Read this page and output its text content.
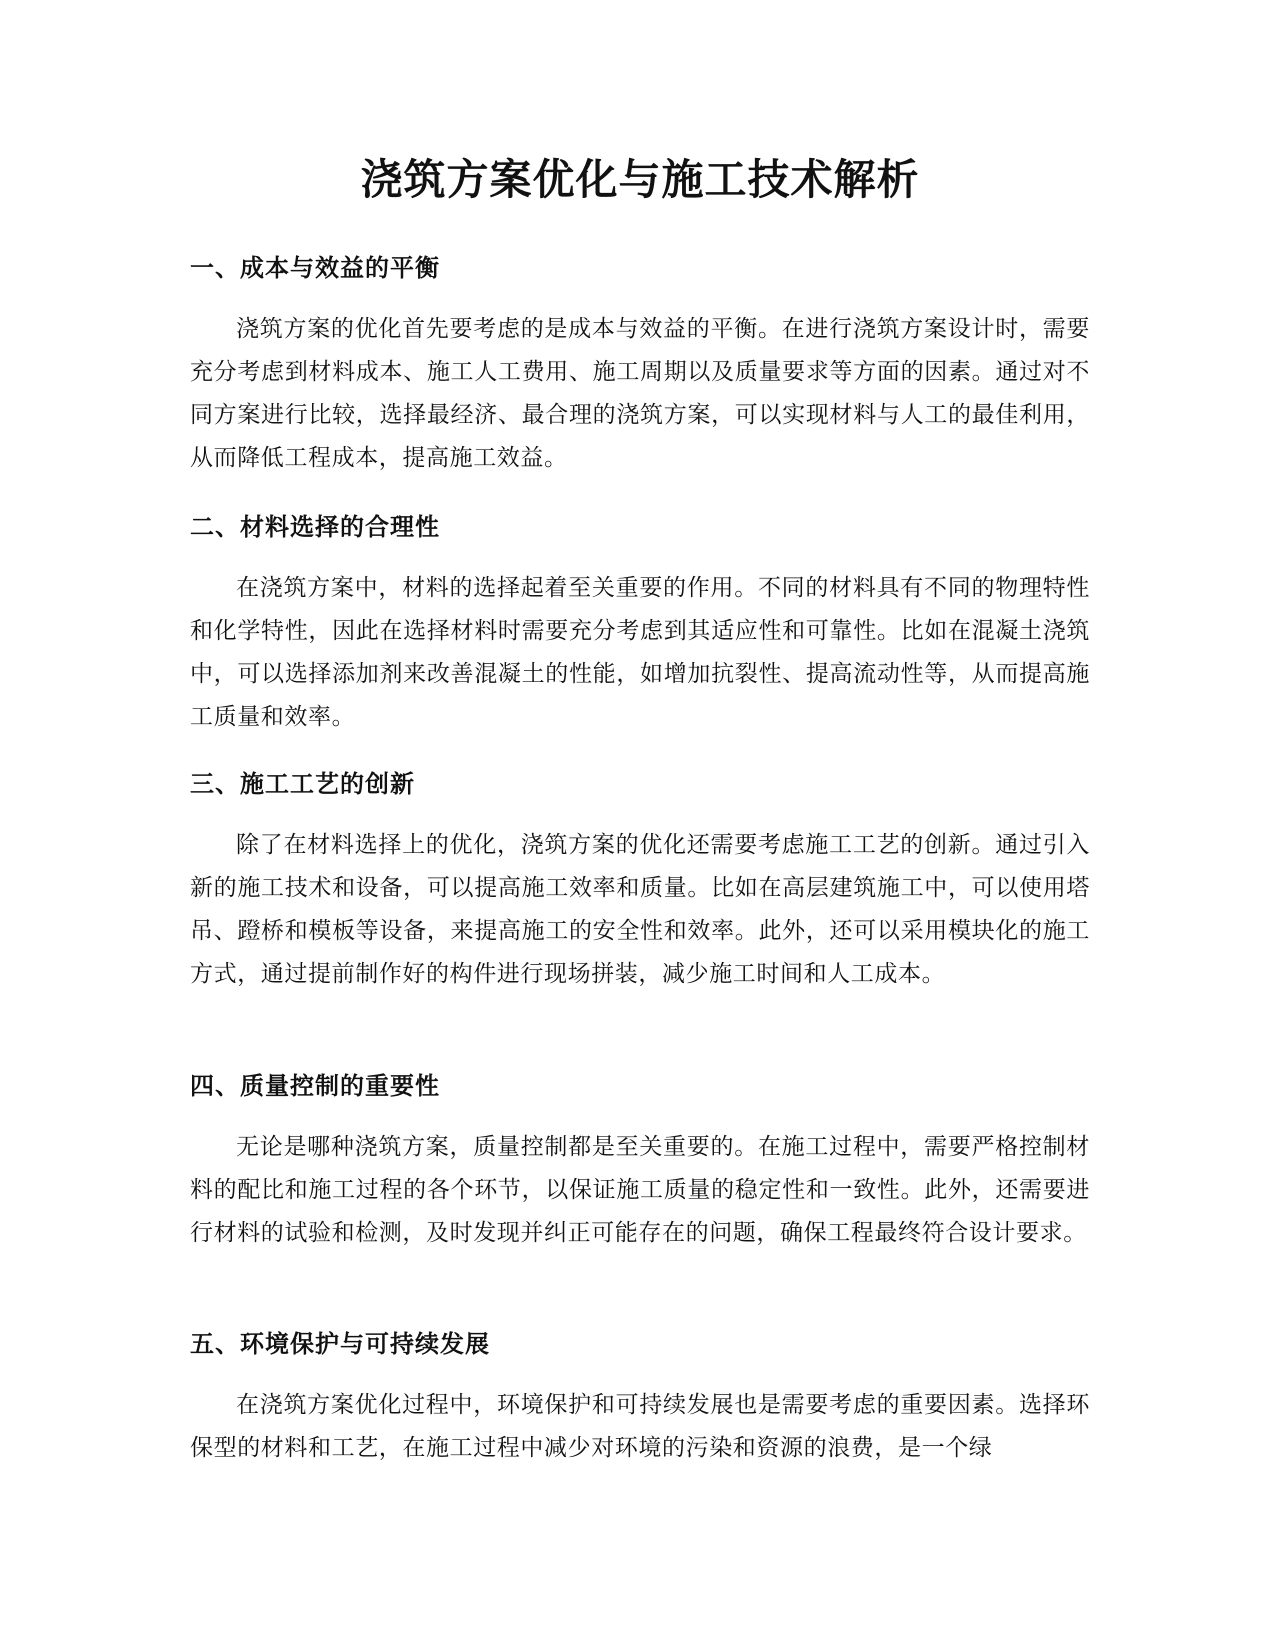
浇筑方案优化与施工技术解析
一、成本与效益的平衡

浇筑方案的优化首先要考虑的是成本与效益的平衡。在进行浇筑方案设计时，需要充分考虑到材料成本、施工人工费用、施工周期以及质量要求等方面的因素。通过对不同方案进行比较，选择最经济、最合理的浇筑方案，可以实现材料与人工的最佳利用，从而降低工程成本，提高施工效益。

二、材料选择的合理性

在浇筑方案中，材料的选择起着至关重要的作用。不同的材料具有不同的物理特性和化学特性，因此在选择材料时需要充分考虑到其适应性和可靠性。比如在混凝土浇筑中，可以选择添加剂来改善混凝土的性能，如增加抗裂性、提高流动性等，从而提高施工质量和效率。

三、施工工艺的创新

除了在材料选择上的优化，浇筑方案的优化还需要考虑施工工艺的创新。通过引入新的施工技术和设备，可以提高施工效率和质量。比如在高层建筑施工中，可以使用塔吊、蹬桥和模板等设备，来提高施工的安全性和效率。此外，还可以采用模块化的施工方式，通过提前制作好的构件进行现场拼装，减少施工时间和人工成本。

四、质量控制的重要性

无论是哪种浇筑方案，质量控制都是至关重要的。在施工过程中，需要严格控制材料的配比和施工过程的各个环节，以保证施工质量的稳定性和一致性。此外，还需要进行材料的试验和检测，及时发现并纠正可能存在的问题，确保工程最终符合设计要求。

五、环境保护与可持续发展

在浇筑方案优化过程中，环境保护和可持续发展也是需要考虑的重要因素。选择环保型的材料和工艺，在施工过程中减少对环境的污染和资源的浪费，是一个绿
